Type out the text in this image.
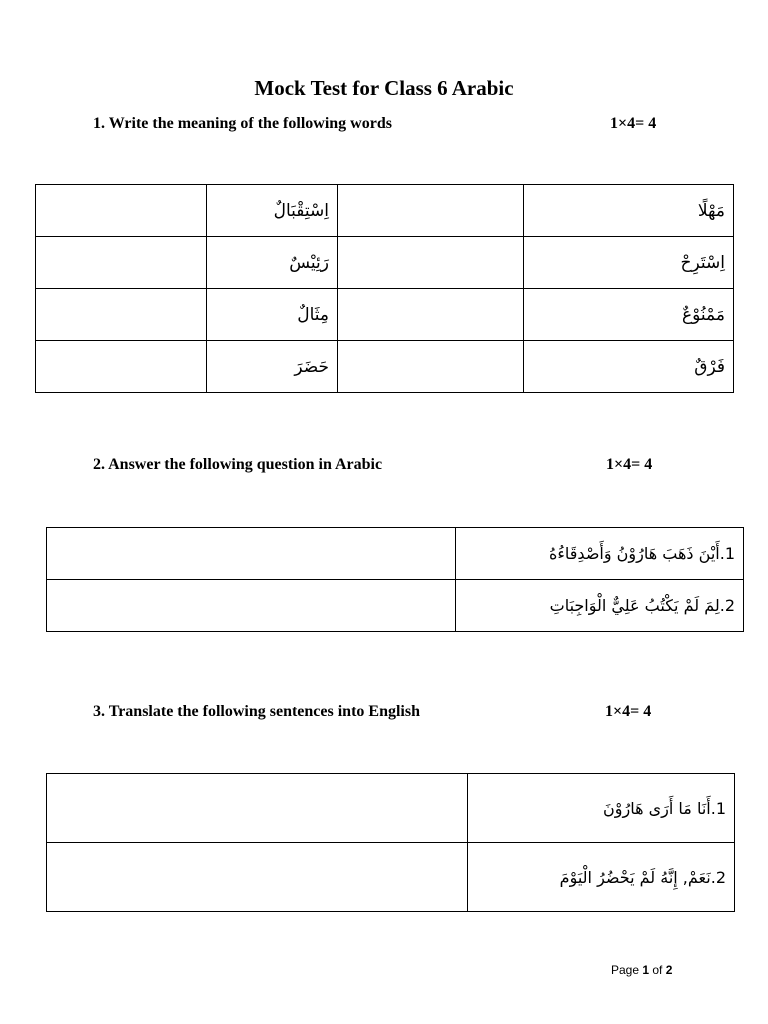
Mock Test for Class 6 Arabic
1. Write the meaning of the following words	1×4= 4
	اِسْتِقْبَالٌ		مَهْلًا
	رَئِيْسٌ		اِسْتَرِحْ
	مِثَالٌ		مَمْنُوْعٌ
	حَضَرَ		فَرْقٌ
2. Answer the following question in Arabic	1×4= 4
	1.أَيْنَ ذَهَبَ هَارُوْنُ وَأَصْدِقَاءُهُ
	2.لِمَ لَمْ يَكْتُبُ عَلِيٌّ الْوَاجِبَاتِ
3. Translate the following sentences into English	1×4= 4
	1.أَنَا مَا أَرَى هَارُوْنَ
	2.نَعَمْ, إِنَّهُ لَمْ يَحْضُرُ الْيَوْمَ
Page 1 of 2
